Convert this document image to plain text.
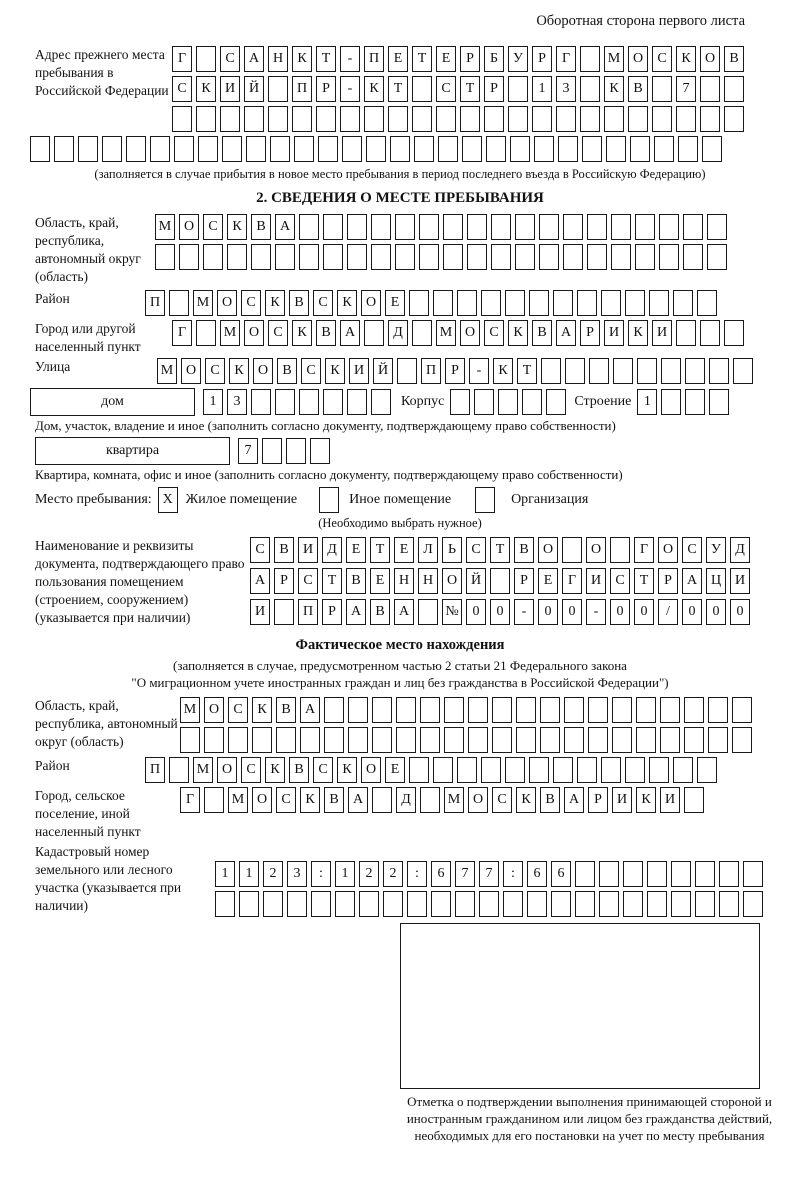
Оборотная сторона первого листа
Адрес прежнего места пребывания в Российской Федерации
Г	С	А Н	К	Т	-	П	Е	Т	Е	Р	Б	У	Р	Г	М О	С	К	О	В
С	К	И Й	П	Р	-	К	Т	С	Т	Р	1	3	К	В	7
(заполняется в случае прибытия в новое место пребывания в период последнего въезда в Российскую Федерацию)
2. СВЕДЕНИЯ О МЕСТЕ ПРЕБЫВАНИЯ
Область, край, республика, автономный округ (область)
М О	С	К	В	А
Район	П	М О	С	К	В	С	К	О	Е
Город или другой населенный пункт
Г	М О	С	К	В	А	Д	М О	С	К	В	А	Р	И	К	И
Улица	М О	С	К	О	В	С	К	И Й	П	Р	-	К	Т
дом	1	3	Корпус	Строение 1
Дом, участок, владение и иное (заполнить согласно документу, подтверждающему право собственности)
квартира	7
Квартира, комната, офис и иное (заполнить согласно документу, подтверждающему право собственности)
Место пребывания: X Жилое помещение	Иное помещение	Организация
(Необходимо выбрать нужное)
Наименование и реквизиты документа, подтверждающего право пользования помещением (строением, сооружением) (указывается при наличии)
С	В	И	Д	Е	Т	Е	Л	Ь	С	Т	В	О	О	Г	О	С	У	Д
А	Р	С	Т	В	Е	Н Н О Й	Р	Е	Г	И	С	Т	Р	А Ц И
И	П	Р	А	В	А	№ 0	0	-	0	0	-	0	0	/	0	0	0
Фактическое место нахождения
(заполняется в случае, предусмотренном частью 2 статьи 21 Федерального закона
"О миграционном учете иностранных граждан и лиц без гражданства в Российской Федерации")
Область, край, республика, автономный округ (область)
М О	С	К	В	А
Район	П	М О	С	К	В	С	К	О	Е
Город, сельское поселение, иной населенный пункт
Г	М О	С	К	В	А	Д	М О	С	К	В	А	Р	И	К	И
Кадастровый номер земельного или лесного участка (указывается при наличии)
1	1	2	3	:	1	2	2	:	6	7	7	:	6	6
Отметка о подтверждении выполнения принимающей стороной и иностранным гражданином или лицом без гражданства действий, необходимых для его постановки на учет по месту пребывания
